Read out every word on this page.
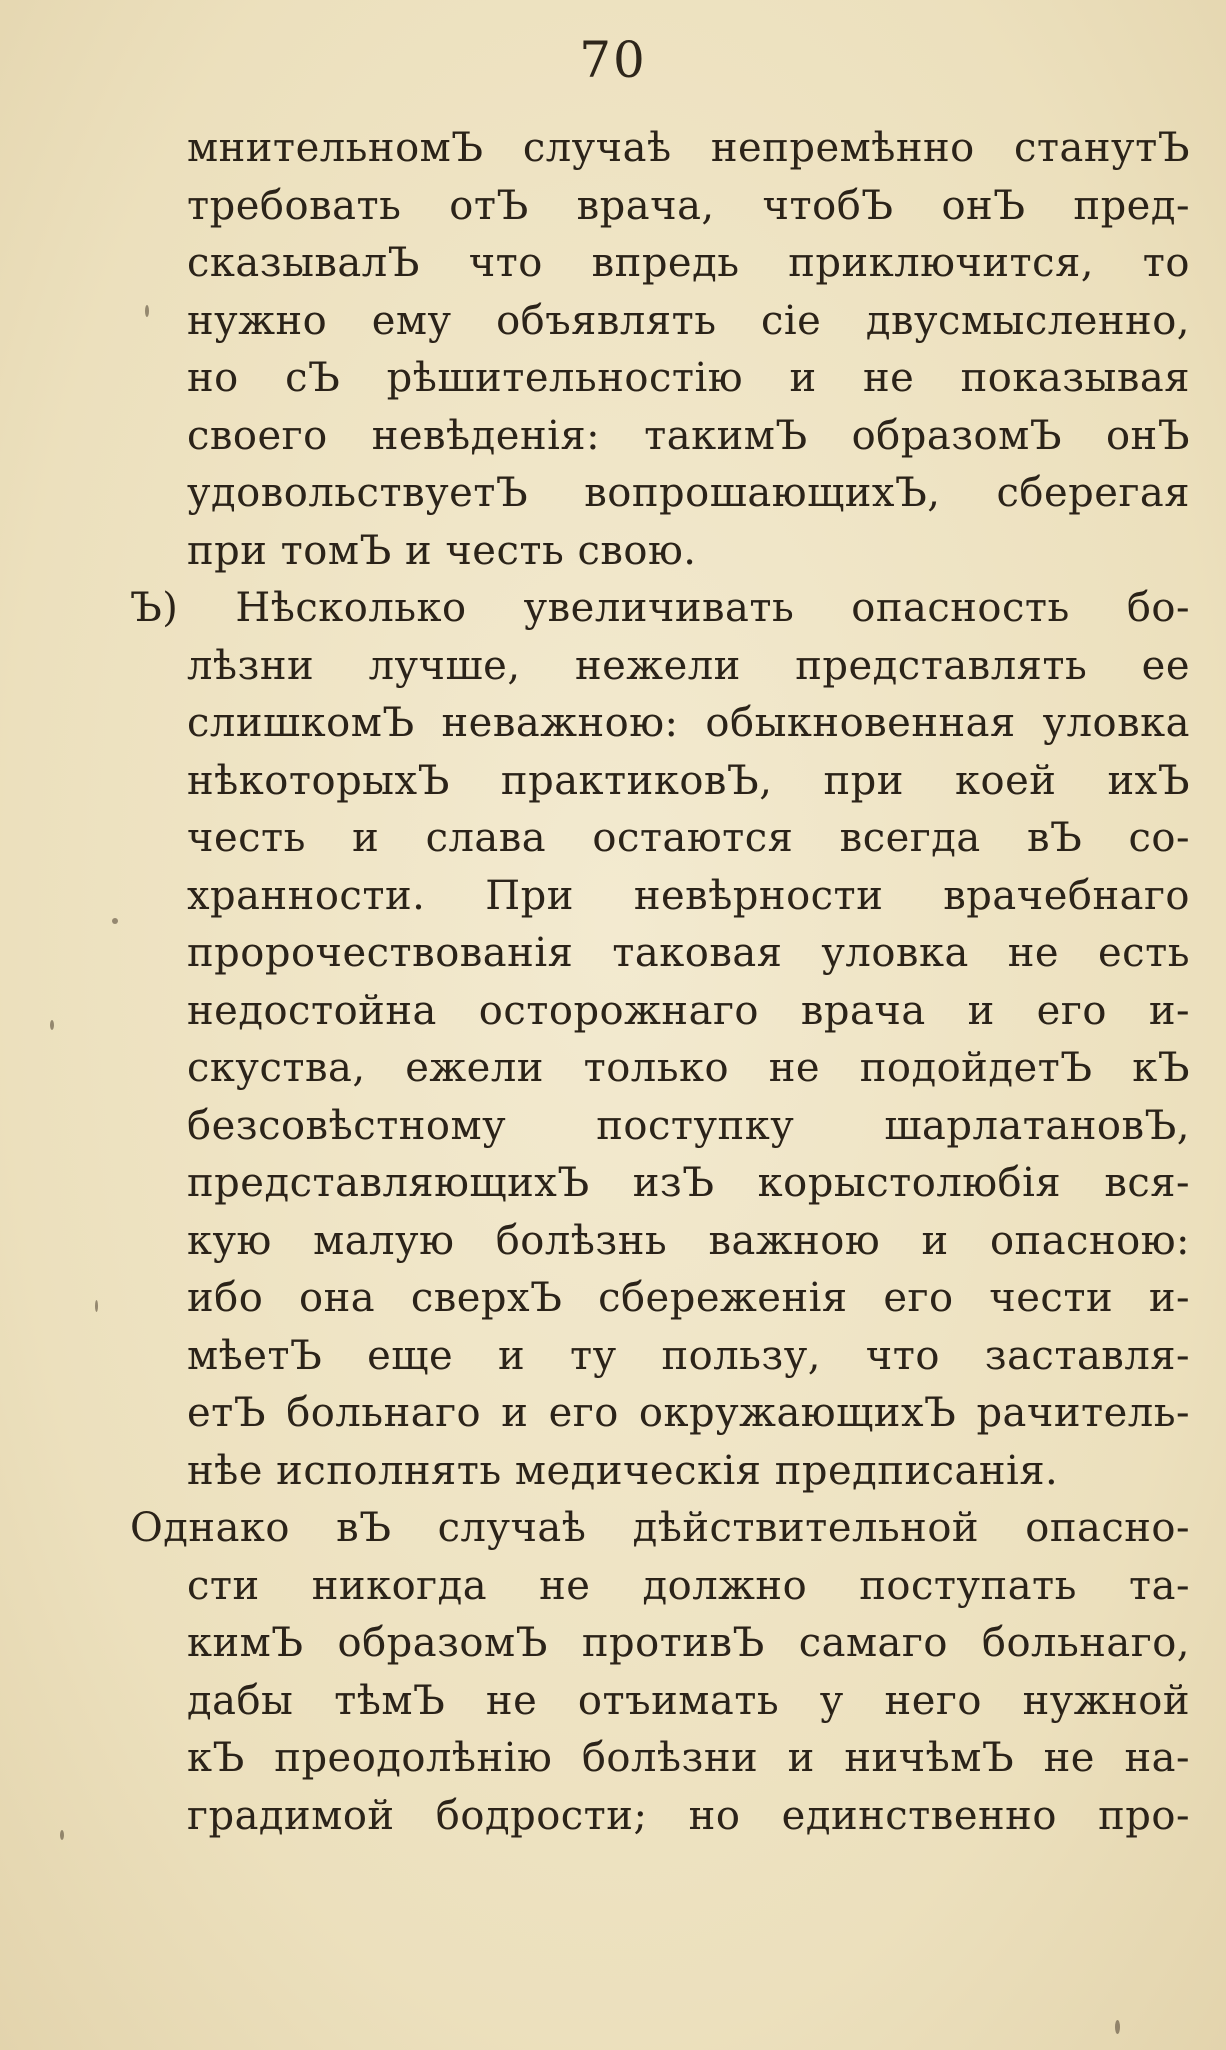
70
мнительномЪ случаѣ непремѣнно станутЪ
требовать отЪ врача, чтобЪ онЪ пред-
сказывалЪ что впредь приключится, то
нужно ему объявлять сіе двусмысленно,
но сЪ рѣшительностію и не показывая
своего невѣденія: такимЪ образомЪ онЪ
удовольствуетЪ вопрошающихЪ, сберегая
при томЪ и честь свою.
Ъ) Нѣсколько увеличивать опасность бо-
лѣзни лучше, нежели представлять ее
слишкомЪ неважною: обыкновенная уловка
нѣкоторыхЪ практиковЪ, при коей ихЪ
честь и слава остаются всегда вЪ со-
хранности. При невѣрности врачебнаго
пророчествованія таковая уловка не есть
недостойна осторожнаго врача и его и-
скуства, ежели только не подойдетЪ кЪ
безсовѣстному поступку шарлатановЪ,
представляющихЪ изЪ корыстолюбія вся-
кую малую болѣзнь важною и опасною:
ибо она сверхЪ сбереженія его чести и-
мѣетЪ еще и ту пользу, что заставля-
етЪ больнаго и его окружающихЪ рачитель-
нѣе исполнять медическія предписанія.
Однако вЪ случаѣ дѣйствительной опасно-
сти никогда не должно поступать та-
кимЪ образомЪ противЪ самаго больнаго,
дабы тѣмЪ не отъимать у него нужной
кЪ преодолѣнію болѣзни и ничѣмЪ не на-
градимой бодрости; но единственно про-
